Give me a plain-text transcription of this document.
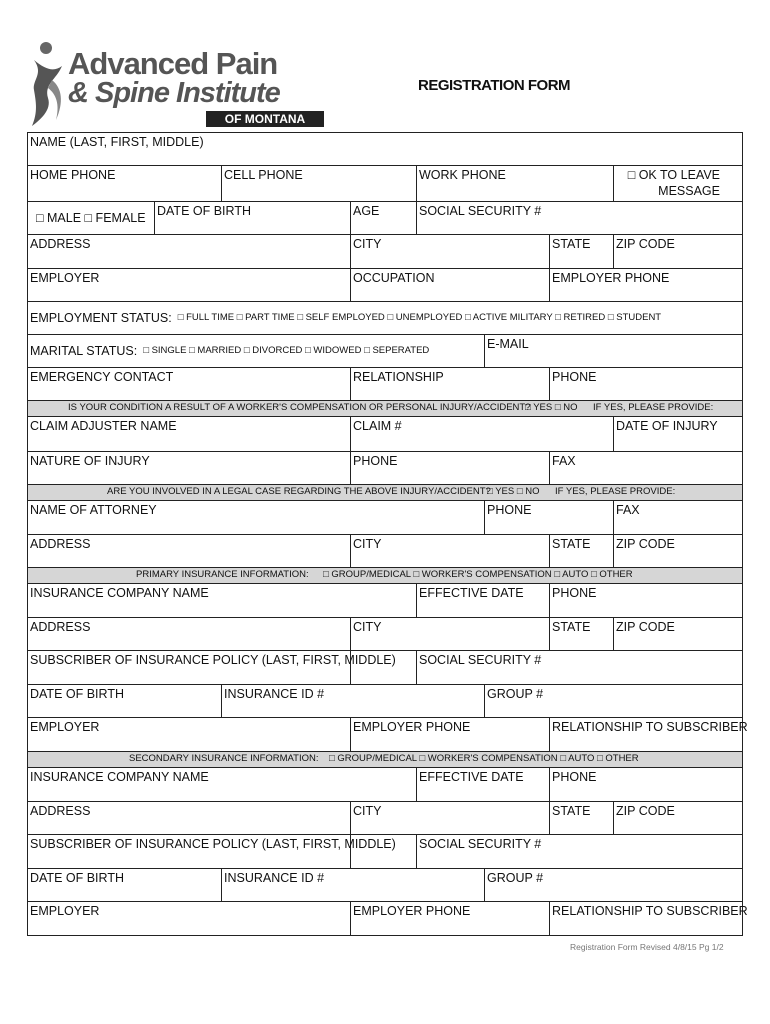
Advanced Pain
& Spine Institute
OF MONTANA
REGISTRATION FORM
NAME (LAST, FIRST, MIDDLE)
HOME PHONE	CELL PHONE	WORK PHONE	□ OK TO LEAVE MESSAGE
□ MALE □ FEMALE DATE OF BIRTH	AGE	SOCIAL SECURITY #
ADDRESS	CITY	STATE	ZIP CODE
EMPLOYER	OCCUPATION	EMPLOYER PHONE
EMPLOYMENT STATUS: □ FULL TIME □ PART TIME □ SELF EMPLOYED □ UNEMPLOYED □ ACTIVE MILITARY □ RETIRED □ STUDENT
MARITAL STATUS: □ SINGLE □ MARRIED □ DIVORCED □ WIDOWED □ SEPERATED	E-MAIL
EMERGENCY CONTACT	RELATIONSHIP	PHONE
IS YOUR CONDITION A RESULT OF A WORKER'S COMPENSATION OR PERSONAL INJURY/ACCIDENT?
□ YES □ NO IF YES, PLEASE PROVIDE:
CLAIM ADJUSTER NAME	CLAIM #	DATE OF INJURY
NATURE OF INJURY	PHONE	FAX
ARE YOU INVOLVED IN A LEGAL CASE REGARDING THE ABOVE INJURY/ACCIDENT?
□ YES □ NO IF YES, PLEASE PROVIDE:
NAME OF ATTORNEY	PHONE	FAX
ADDRESS	CITY	STATE	ZIP CODE
PRIMARY INSURANCE INFORMATION: □ GROUP/MEDICAL □ WORKER'S COMPENSATION □ AUTO □ OTHER
INSURANCE COMPANY NAME	EFFECTIVE DATE	PHONE
ADDRESS	CITY	STATE	ZIP CODE
SUBSCRIBER OF INSURANCE POLICY (LAST, FIRST, MIDDLE) SOCIAL SECURITY #
DATE OF BIRTH	INSURANCE ID #	GROUP #
EMPLOYER	EMPLOYER PHONE	RELATIONSHIP TO SUBSCRIBER
SECONDARY INSURANCE INFORMATION: □ GROUP/MEDICAL □ WORKER'S COMPENSATION □ AUTO □ OTHER
INSURANCE COMPANY NAME	EFFECTIVE DATE	PHONE
ADDRESS	CITY	STATE	ZIP CODE
SUBSCRIBER OF INSURANCE POLICY (LAST, FIRST, MIDDLE) SOCIAL SECURITY #
DATE OF BIRTH	INSURANCE ID #	GROUP #
EMPLOYER	EMPLOYER PHONE	RELATIONSHIP TO SUBSCRIBER
Registration Form Revised 4/8/15 Pg 1/2
